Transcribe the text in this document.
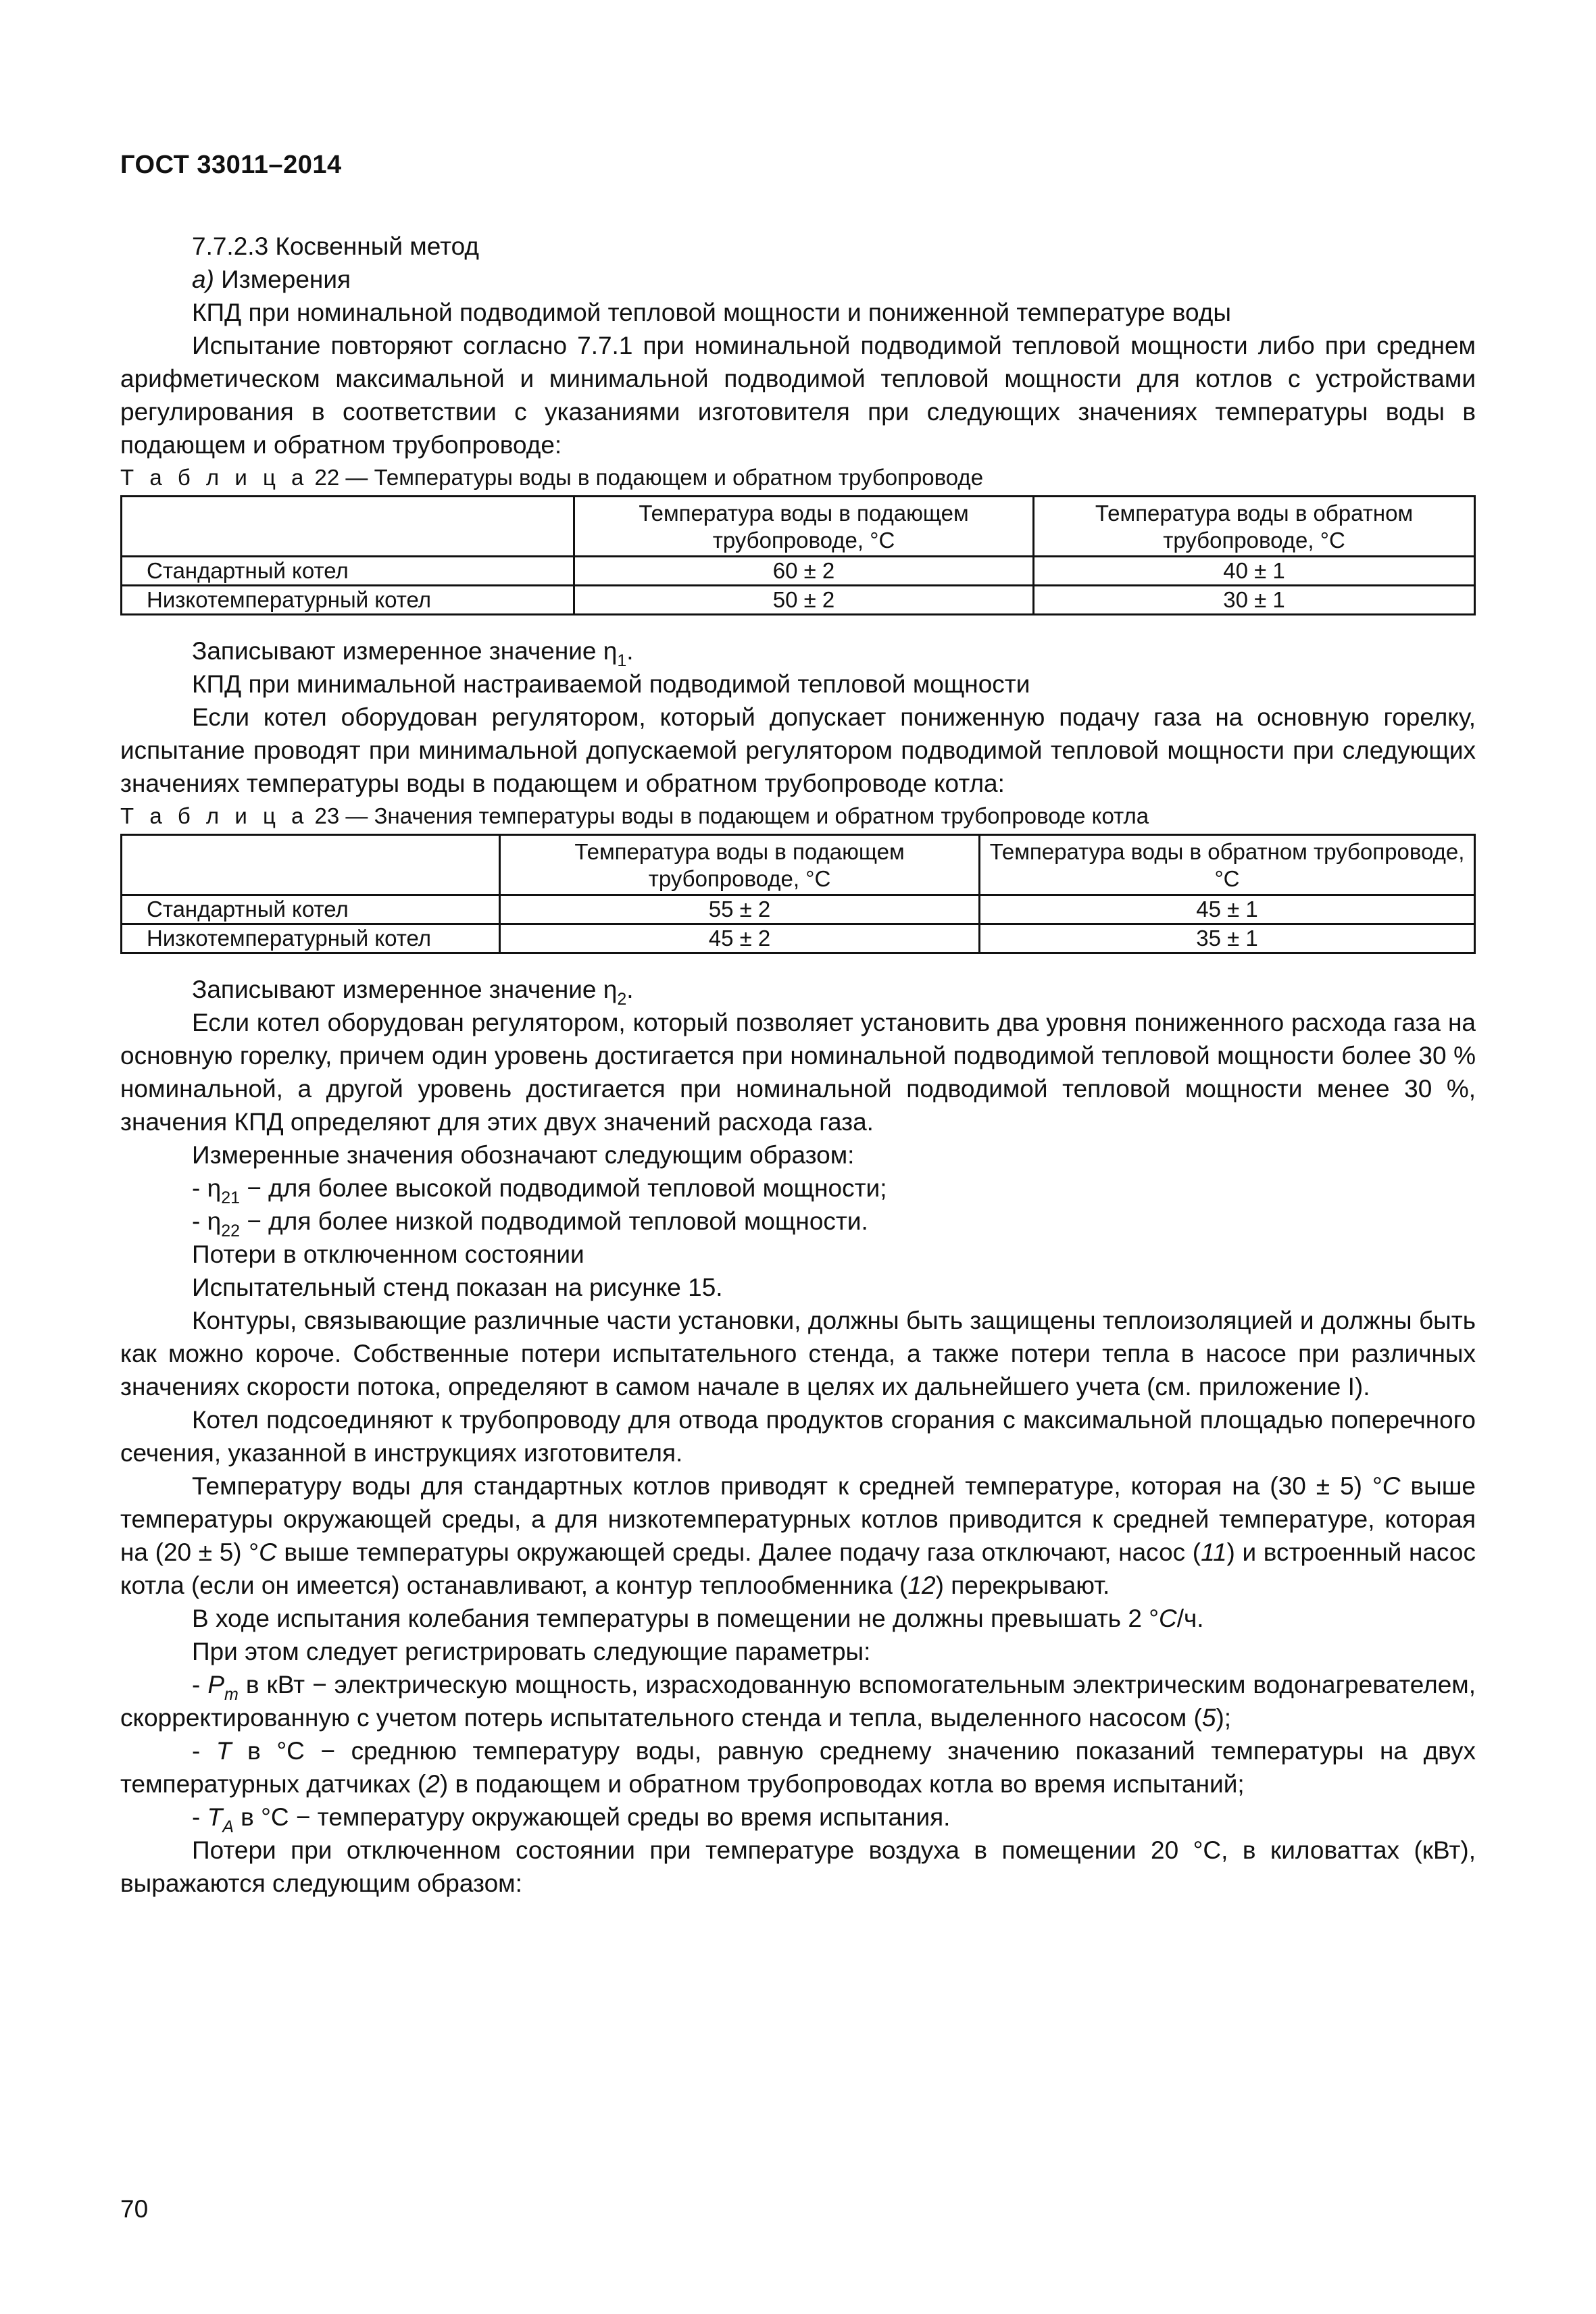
ГОСТ 33011–2014

7.7.2.3 Косвенный метод

а) Измерения

КПД при номинальной подводимой тепловой мощности и пониженной температуре воды

Испытание повторяют согласно 7.7.1 при номинальной подводимой тепловой мощности либо при среднем арифметическом максимальной и минимальной подводимой тепловой мощности для котлов с устройствами регулирования в соответствии с указаниями изготовителя при следующих значениях температуры воды в подающем и обратном трубопроводе:

Т а б л и ц а 22 — Температуры воды в подающем и обратном трубопроводе

	Температура воды в подающем трубопроводе, °С	Температура воды в обратном трубопроводе, °С
Стандартный котел	60 ± 2	40 ± 1
Низкотемпературный котел	50 ± 2	30 ± 1

Записывают измеренное значение $\eta_1$.

КПД при минимальной настраиваемой подводимой тепловой мощности

Если котел оборудован регулятором, который допускает пониженную подачу газа на основную горелку, испытание проводят при минимальной допускаемой регулятором подводимой тепловой мощности при следующих значениях температуры воды в подающем и обратном трубопроводе котла:

Т а б л и ц а 23 — Значения температуры воды в подающем и обратном трубопроводе котла

	Температура воды в подающем трубопроводе, °С	Температура воды в обратном трубопроводе, °С
Стандартный котел	55 ± 2	45 ± 1
Низкотемпературный котел	45 ± 2	35 ± 1

Записывают измеренное значение $\eta_2$.

Если котел оборудован регулятором, который позволяет установить два уровня пониженного расхода газа на основную горелку, причем один уровень достигается при номинальной подводимой тепловой мощности более 30 % номинальной, а другой уровень достигается при номинальной подводимой тепловой мощности менее 30 %, значения КПД определяют для этих двух значений расхода газа.

Измеренные значения обозначают следующим образом:

- $\eta_{21}$ − для более высокой подводимой тепловой мощности;

- $\eta_{22}$ − для более низкой подводимой тепловой мощности.

Потери в отключенном состоянии

Испытательный стенд показан на рисунке 15.

Контуры, связывающие различные части установки, должны быть защищены теплоизоляцией и должны быть как можно короче. Собственные потери испытательного стенда, а также потери тепла в насосе при различных значениях скорости потока, определяют в самом начале в целях их дальнейшего учета (см. приложение I).

Котел подсоединяют к трубопроводу для отвода продуктов сгорания с максимальной площадью поперечного сечения, указанной в инструкциях изготовителя.

Температуру воды для стандартных котлов приводят к средней температуре, которая на (30 ± 5) °С выше температуры окружающей среды, а для низкотемпературных котлов приводится к средней температуре, которая на (20 ± 5) °С выше температуры окружающей среды. Далее подачу газа отключают, насос (11) и встроенный насос котла (если он имеется) останавливают, а контур теплообменника (12) перекрывают.

В ходе испытания колебания температуры в помещении не должны превышать 2 °С/ч.

При этом следует регистрировать следующие параметры:

- $P_m$ в кВт − электрическую мощность, израсходованную вспомогательным электрическим водонагревателем, скорректированную с учетом потерь испытательного стенда и тепла, выделенного насосом (5);

- T в °С − среднюю температуру воды, равную среднему значению показаний температуры на двух температурных датчиках (2) в подающем и обратном трубопроводах котла во время испытаний;

- $T_A$ в °С − температуру окружающей среды во время испытания.

Потери при отключенном состоянии при температуре воздуха в помещении 20 °С, в киловаттах (кВт), выражаются следующим образом:

70
